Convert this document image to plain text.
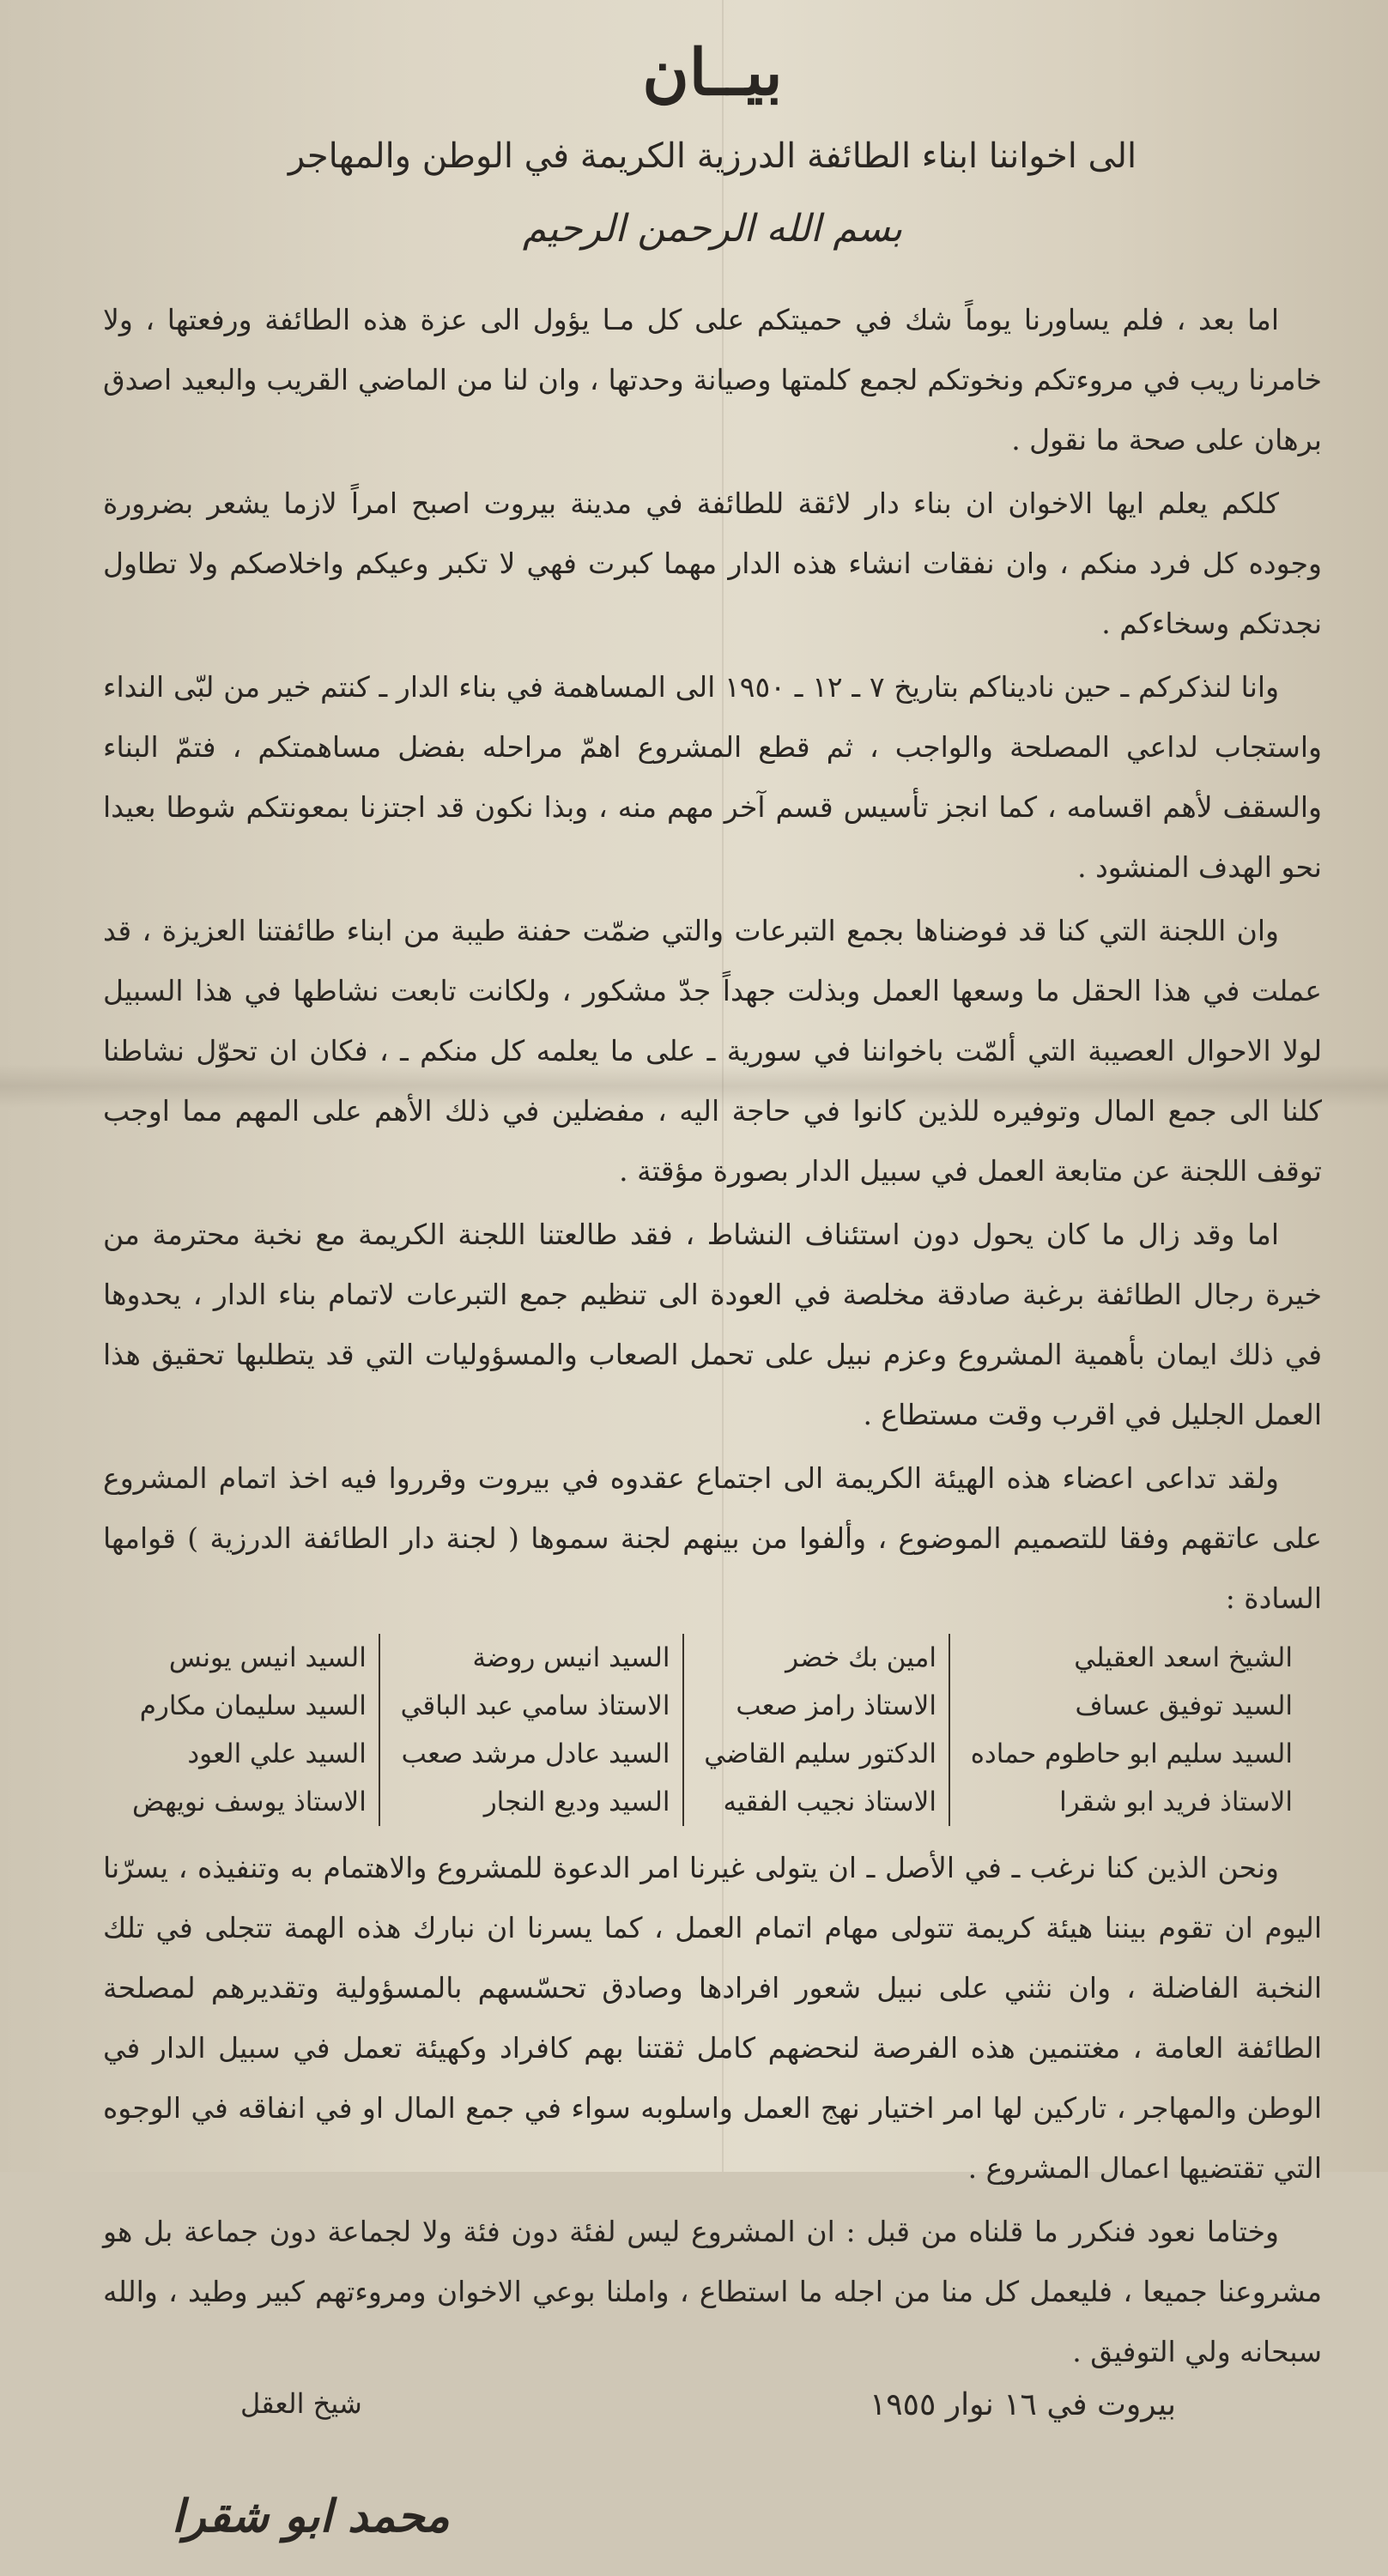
بيــان
الى اخواننا ابناء الطائفة الدرزية الكريمة في الوطن والمهاجر
بسم الله الرحمن الرحيم

اما بعد ، فلم يساورنا يوماً شك في حميتكم على كل مـا يؤول الى عزة هذه الطائفة ورفعتها ، ولا خامرنا ريب في مروءتكم ونخوتكم لجمع كلمتها وصيانة وحدتها ، وان لنا من الماضي القريب والبعيد اصدق برهان على صحة ما نقول .

كلكم يعلم ايها الاخوان ان بناء دار لائقة للطائفة في مدينة بيروت اصبح امراً لازما يشعر بضرورة وجوده كل فرد منكم ، وان نفقات انشاء هذه الدار مهما كبرت فهي لا تكبر وعيكم واخلاصكم ولا تطاول نجدتكم وسخاءكم .

وانا لنذكركم ـ حين ناديناكم بتاريخ ٧ ـ ١٢ ـ ١٩٥٠ الى المساهمة في بناء الدار ـ كنتم خير من لبّى النداء واستجاب لداعي المصلحة والواجب ، ثم قطع المشروع اهمّ مراحله بفضل مساهمتكم ، فتمّ البناء والسقف لأهم اقسامه ، كما انجز تأسيس قسم آخر مهم منه ، وبذا نكون قد اجتزنا بمعونتكم شوطا بعيدا نحو الهدف المنشود .

وان اللجنة التي كنا قد فوضناها بجمع التبرعات والتي ضمّت حفنة طيبة من ابناء طائفتنا العزيزة ، قد عملت في هذا الحقل ما وسعها العمل وبذلت جهداً جدّ مشكور ، ولكانت تابعت نشاطها في هذا السبيل لولا الاحوال العصيبة التي ألمّت باخواننا في سورية ـ على ما يعلمه كل منكم ـ ، فكان ان تحوّل نشاطنا كلنا الى جمع المال وتوفيره للذين كانوا في حاجة اليه ، مفضلين في ذلك الأهم على المهم مما اوجب توقف اللجنة عن متابعة العمل في سبيل الدار بصورة مؤقتة .

اما وقد زال ما كان يحول دون استئناف النشاط ، فقد طالعتنا اللجنة الكريمة مع نخبة محترمة من خيرة رجال الطائفة برغبة صادقة مخلصة في العودة الى تنظيم جمع التبرعات لاتمام بناء الدار ، يحدوها في ذلك ايمان بأهمية المشروع وعزم نبيل على تحمل الصعاب والمسؤوليات التي قد يتطلبها تحقيق هذا العمل الجليل في اقرب وقت مستطاع .

ولقد تداعى اعضاء هذه الهيئة الكريمة الى اجتماع عقدوه في بيروت وقرروا فيه اخذ اتمام المشروع على عاتقهم وفقا للتصميم الموضوع ، وألفوا من بينهم لجنة سموها ( لجنة دار الطائفة الدرزية ) قوامها السادة :

الشيخ اسعد العقيلي
السيد توفيق عساف
السيد سليم ابو حاطوم حماده
الاستاذ فريد ابو شقرا
امين بك خضر
الاستاذ رامز صعب
الدكتور سليم القاضي
الاستاذ نجيب الفقيه
السيد انيس روضة
الاستاذ سامي عبد الباقي
السيد عادل مرشد صعب
السيد وديع النجار
السيد انيس يونس
السيد سليمان مكارم
السيد علي العود
الاستاذ يوسف نويهض

ونحن الذين كنا نرغب ـ في الأصل ـ ان يتولى غيرنا امر الدعوة للمشروع والاهتمام به وتنفيذه ، يسرّنا اليوم ان تقوم بيننا هيئة كريمة تتولى مهام اتمام العمل ، كما يسرنا ان نبارك هذه الهمة تتجلى في تلك النخبة الفاضلة ، وان نثني على نبيل شعور افرادها وصادق تحسّسهم بالمسؤولية وتقديرهم لمصلحة الطائفة العامة ، مغتنمين هذه الفرصة لنحضهم كامل ثقتنا بهم كافراد وكهيئة تعمل في سبيل الدار في الوطن والمهاجر ، تاركين لها امر اختيار نهج العمل واسلوبه سواء في جمع المال او في انفاقه في الوجوه التي تقتضيها اعمال المشروع .

وختاما نعود فنكرر ما قلناه من قبل : ان المشروع ليس لفئة دون فئة ولا لجماعة دون جماعة بل هو مشروعنا جميعا ، فليعمل كل منا من اجله ما استطاع ، واملنا بوعي الاخوان ومروءتهم كبير وطيد ، والله سبحانه ولي التوفيق .

بيروت في ١٦ نوار ١٩٥٥
شيخ العقل
محمد ابو شقرا
